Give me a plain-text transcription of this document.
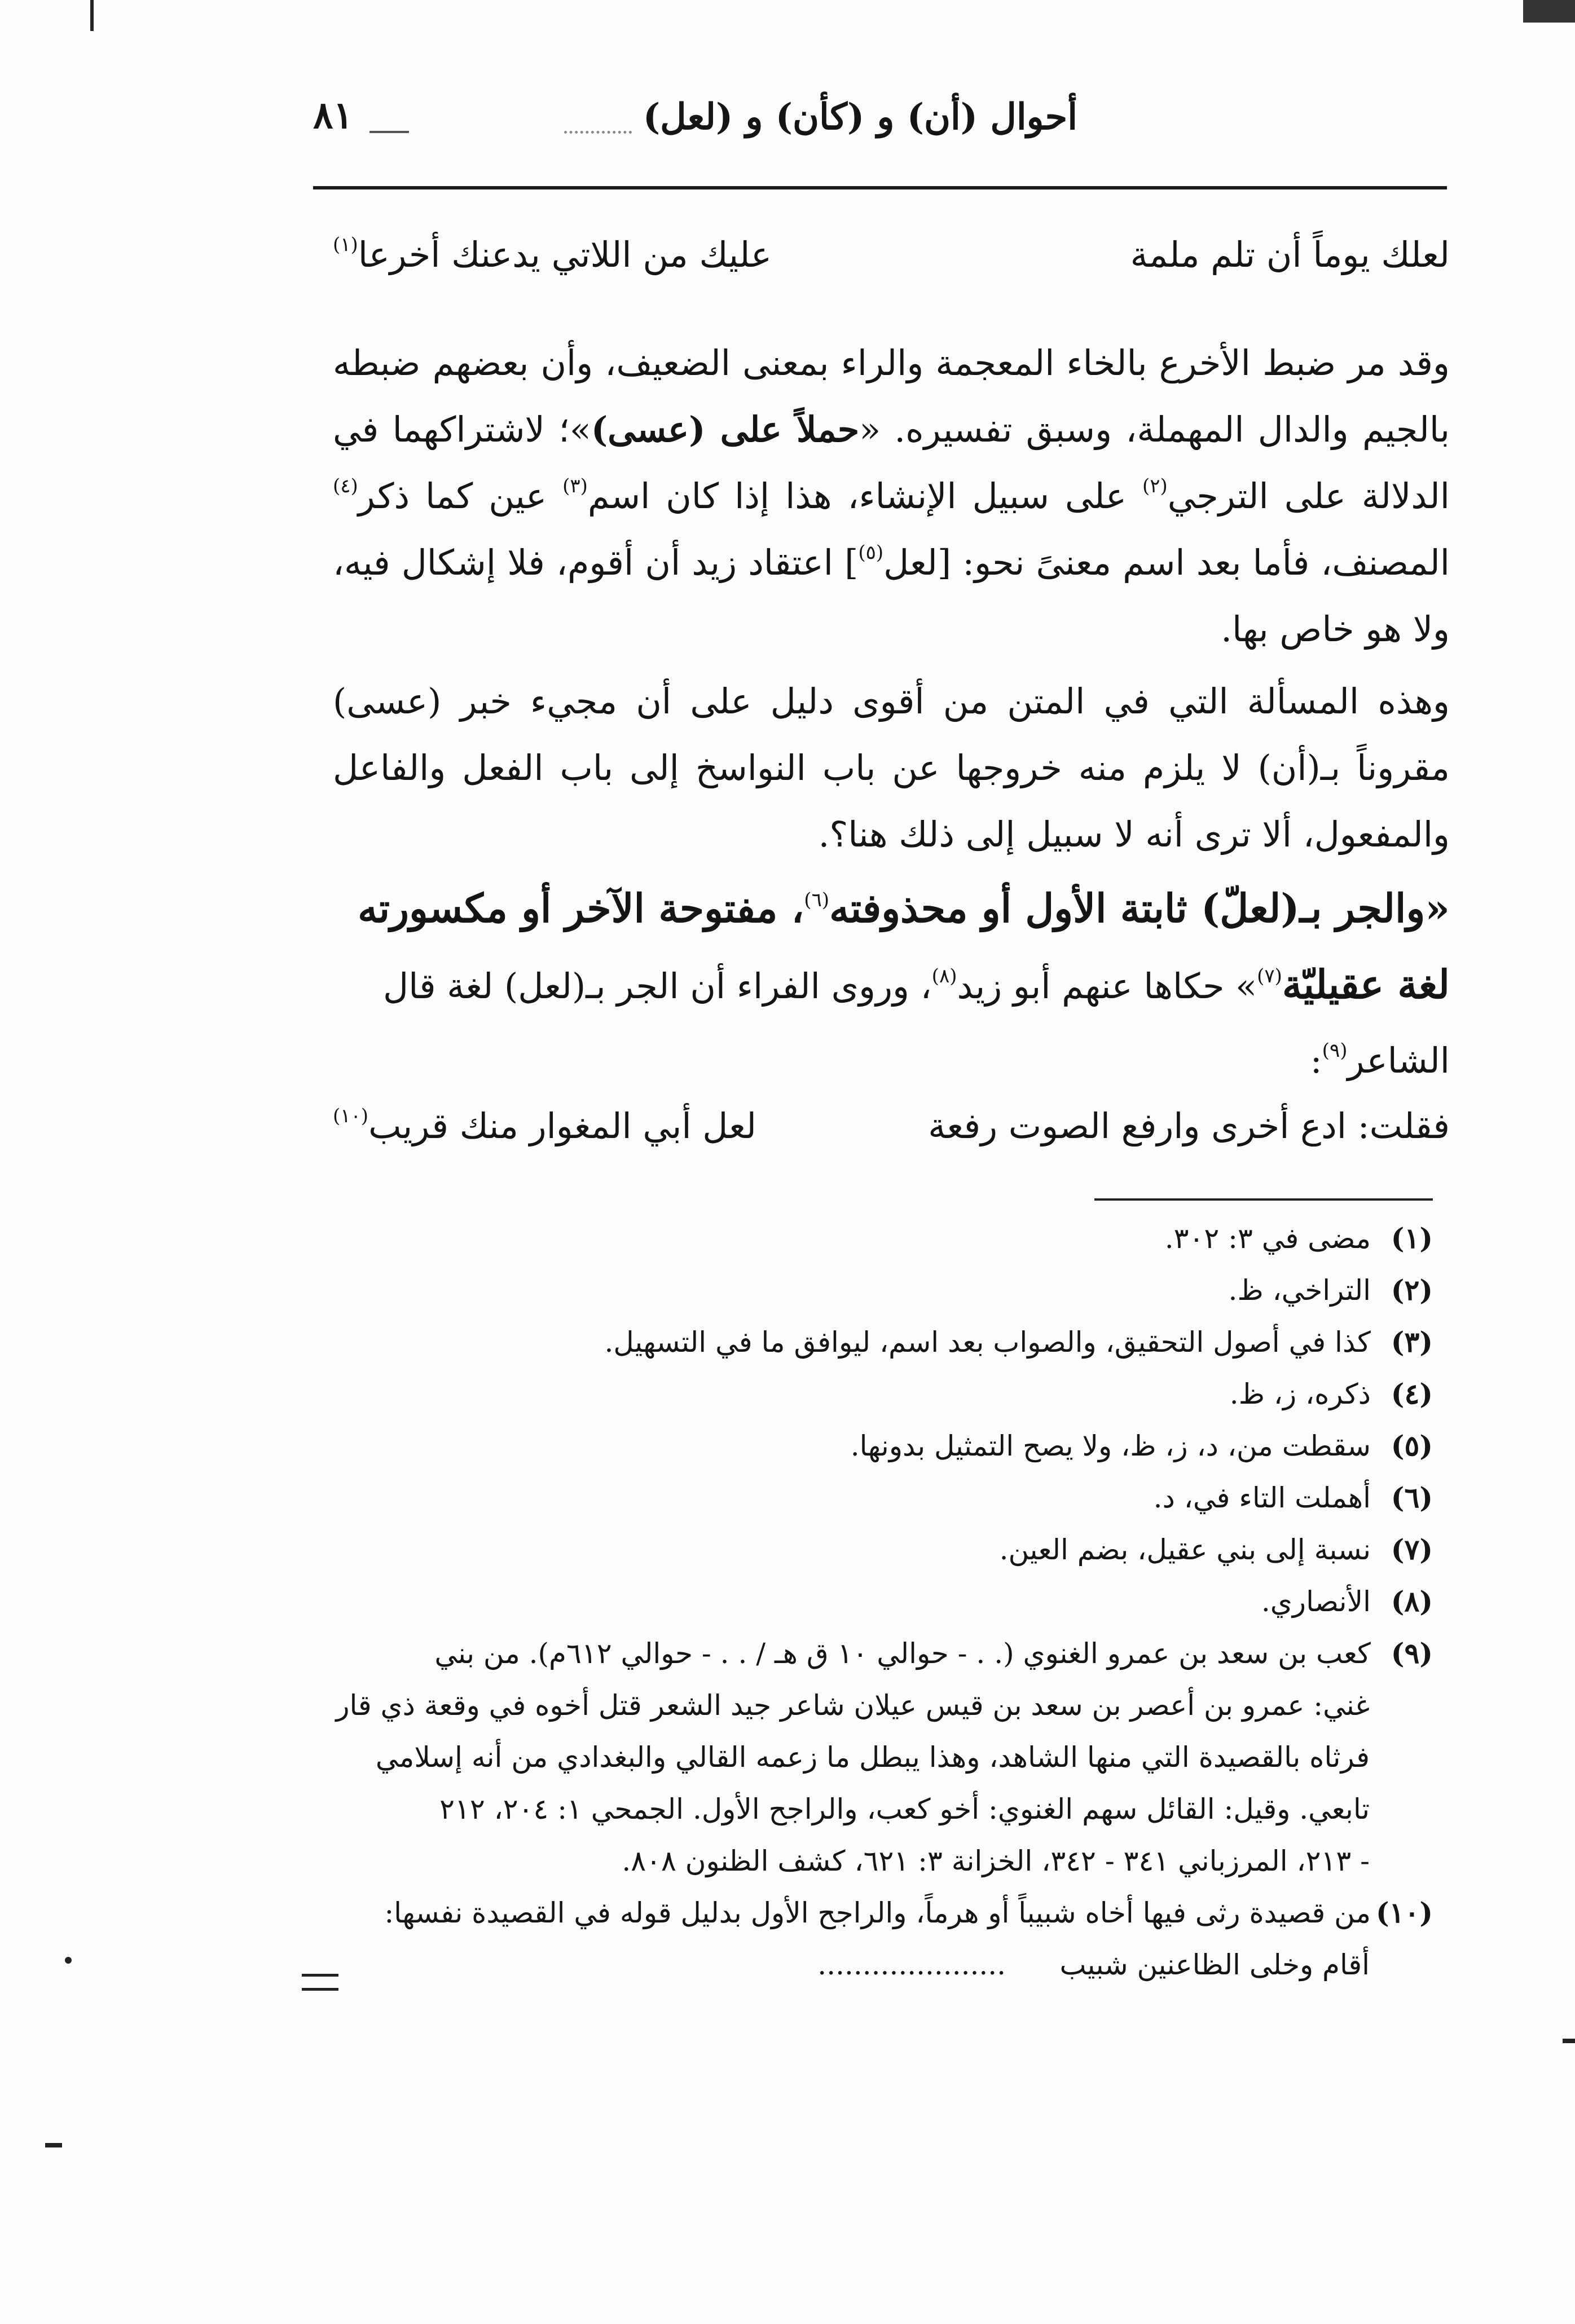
أحوال (أن) و (كأن) و (لعل)
٨١
لعلك يوماً أن تلم ملمة
عليك من اللاتي يدعنك أخرعا$^{(١)}$
وقد مر ضبط الأخرع بالخاء المعجمة والراء بمعنى الضعيف، وأن بعضهم ضبطه بالجيم والدال المهملة، وسبق تفسيره. «حملاً على (عسى)»؛ لاشتراكهما في الدلالة على الترجي$^{(٢)}$ على سبيل الإنشاء، هذا إذا كان اسم$^{(٣)}$ عين كما ذكر$^{(٤)}$ المصنف، فأما بعد اسم معنىً نحو: [لعل$^{(٥)}$] اعتقاد زيد أن أقوم، فلا إشكال فيه، ولا هو خاص بها.
وهذه المسألة التي في المتن من أقوى دليل على أن مجيء خبر (عسى) مقروناً بـ(أن) لا يلزم منه خروجها عن باب النواسخ إلى باب الفعل والفاعل والمفعول، ألا ترى أنه لا سبيل إلى ذلك هنا؟.
«والجر بـ(لعلّ) ثابتة الأول أو محذوفته$^{(٦)}$، مفتوحة الآخر أو مكسورته لغة عقيليّة$^{(٧)}$» حكاها عنهم أبو زيد$^{(٨)}$، وروى الفراء أن الجر بـ(لعل) لغة قال الشاعر$^{(٩)}$:
فقلت: ادع أخرى وارفع الصوت رفعة
لعل أبي المغوار منك قريب$^{(١٠)}$
(١)مضى في ٣: ٣٠٢.
(٢)التراخي، ظ.
(٣)كذا في أصول التحقيق، والصواب بعد اسم، ليوافق ما في التسهيل.
(٤)ذكره، ز، ظ.
(٥)سقطت من، د، ز، ظ، ولا يصح التمثيل بدونها.
(٦)أهملت التاء في، د.
(٧)نسبة إلى بني عقيل، بضم العين.
(٨)الأنصاري.
(٩)كعب بن سعد بن عمرو الغنوي (. . - حوالي ١٠ ق هـ / . . - حوالي ٦١٢م). من بني
غني: عمرو بن أعصر بن سعد بن قيس عيلان شاعر جيد الشعر قتل أخوه في وقعة ذي قار
فرثاه بالقصيدة التي منها الشاهد، وهذا يبطل ما زعمه القالي والبغدادي من أنه إسلامي
تابعي. وقيل: القائل سهم الغنوي: أخو كعب، والراجح الأول. الجمحي ١: ٢٠٤، ٢١٢
- ٢١٣، المرزباني ٣٤١ - ٣٤٢، الخزانة ٣: ٦٢١، كشف الظنون ٨٠٨.
(١٠)من قصيدة رثى فيها أخاه شبيباً أو هرماً، والراجح الأول بدليل قوله في القصيدة نفسها:
أقام وخلى الظاعنين شبيب      .....................
